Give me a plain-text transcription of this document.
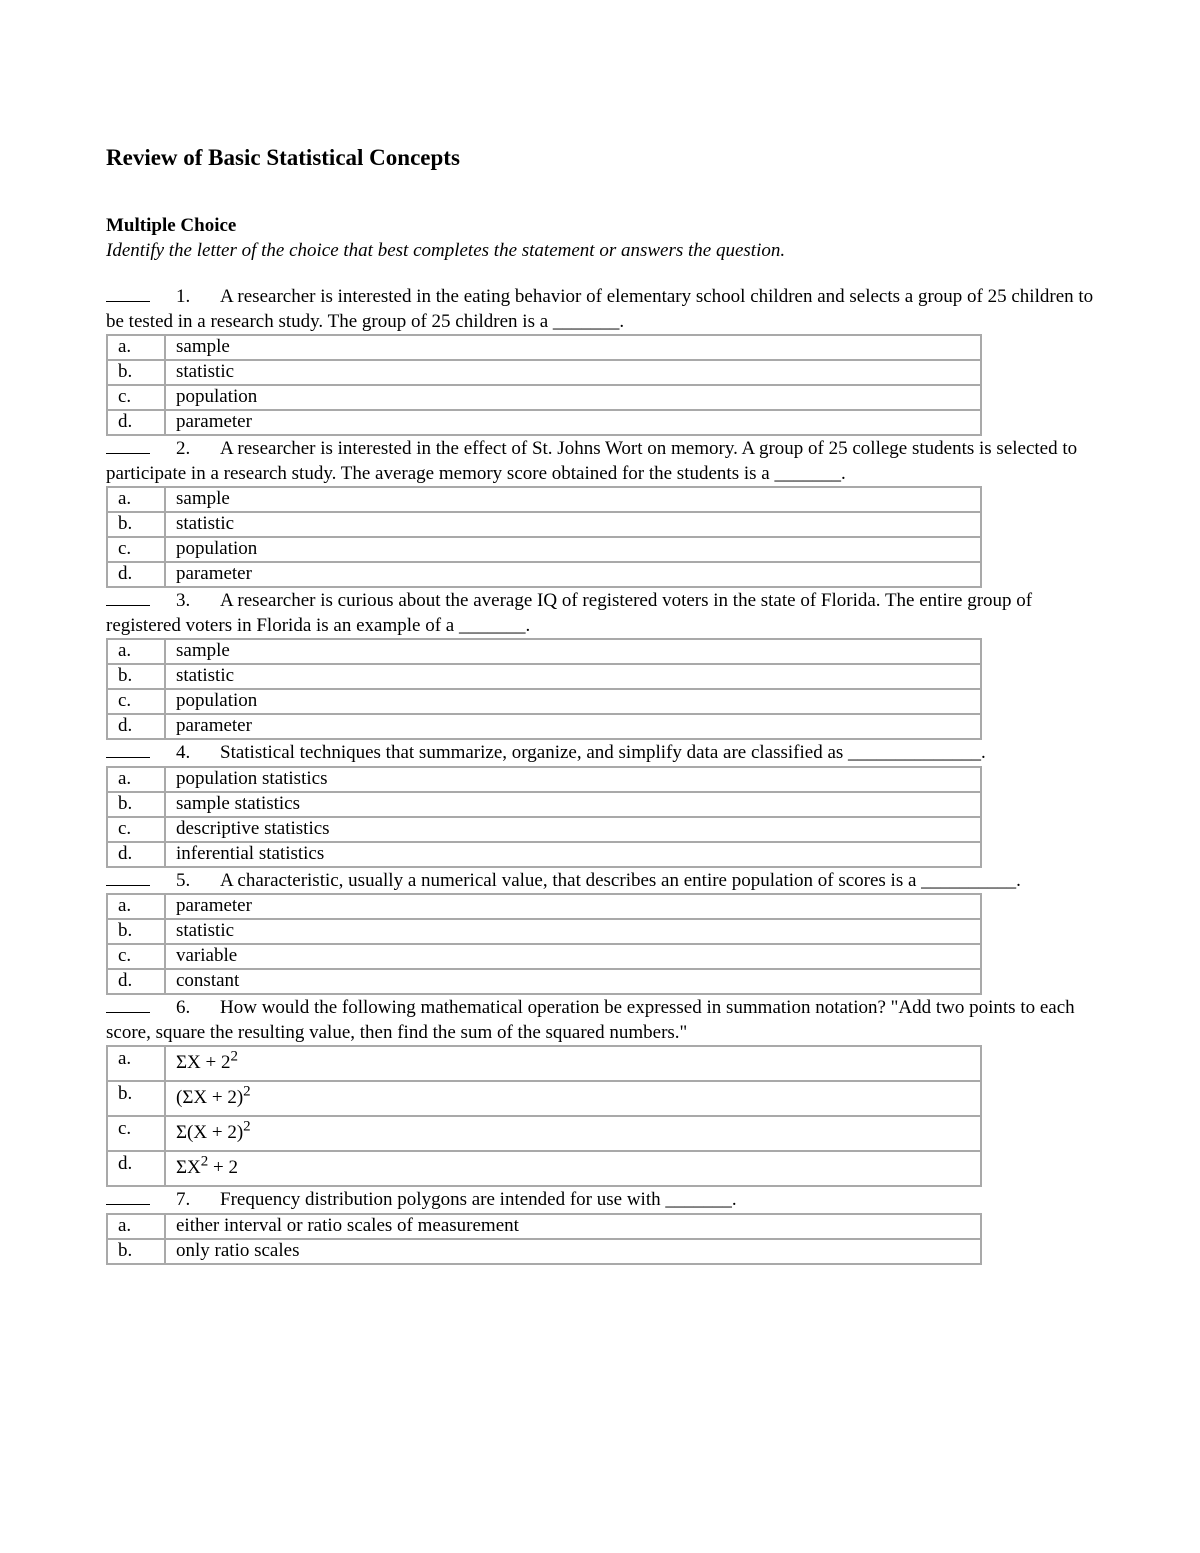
Review of Basic Statistical Concepts
Multiple Choice

Identify the letter of the choice that best completes the statement or answers the question.

1. A researcher is interested in the eating behavior of elementary school children and selects a group of 25 children to be tested in a research study. The group of 25 children is a _______.
a.	sample
b.	statistic
c.	population
d.	parameter
2. A researcher is interested in the effect of St. Johns Wort on memory. A group of 25 college students is selected to participate in a research study. The average memory score obtained for the students is a _______.
a.	sample
b.	statistic
c.	population
d.	parameter
3. A researcher is curious about the average IQ of registered voters in the state of Florida. The entire group of registered voters in Florida is an example of a _______.
a.	sample
b.	statistic
c.	population
d.	parameter
4. Statistical techniques that summarize, organize, and simplify data are classified as ______________.
a.	population statistics
b.	sample statistics
c.	descriptive statistics
d.	inferential statistics
5. A characteristic, usually a numerical value, that describes an entire population of scores is a __________.
a.	parameter
b.	statistic
c.	variable
d.	constant
6. How would the following mathematical operation be expressed in summation notation? "Add two points to each score, square the resulting value, then find the sum of the squared numbers."
a.	$\Sigma X + 2^2$
b.	$(\Sigma X + 2)^2$
c.	$\Sigma(X + 2)^2$
d.	$\Sigma X^2 + 2$
7. Frequency distribution polygons are intended for use with _______.
a.	either interval or ratio scales of measurement
b.	only ratio scales
